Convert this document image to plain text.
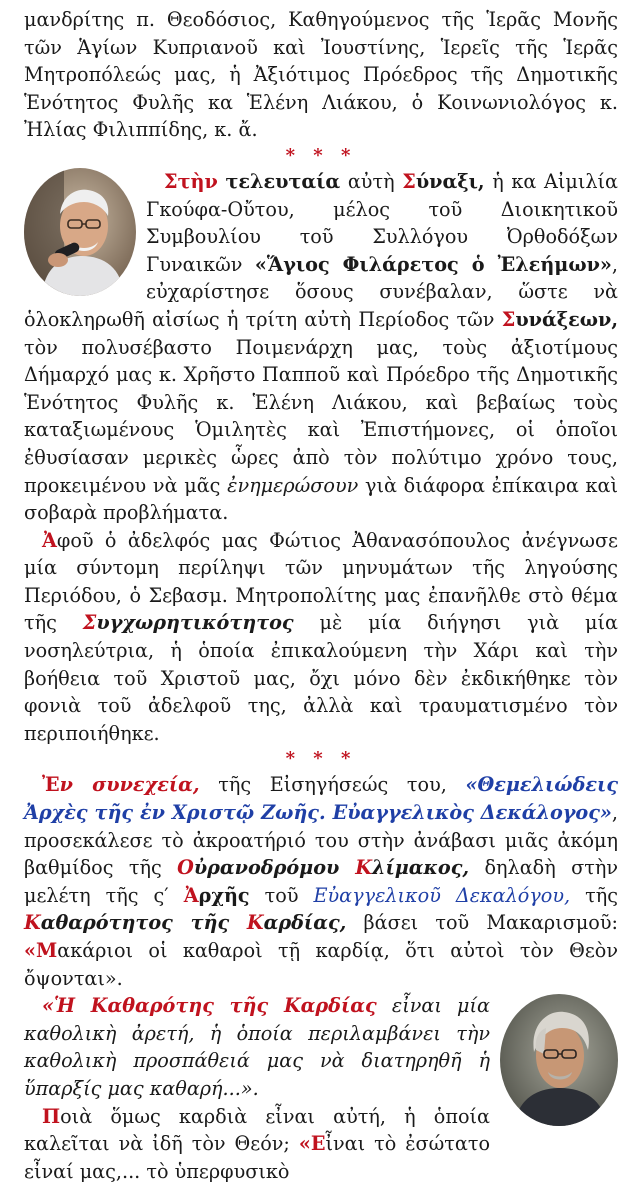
μανδρίτης π. Θεοδόσιος, Καθηγούμενος τῆς Ἱερᾶς Μονῆς τῶν Ἁγίων Κυπριανοῦ καὶ Ἰουστίνης, Ἱερεῖς τῆς Ἱερᾶς Μητροπόλεώς μας, ἡ Ἀξιότιμος Πρόεδρος τῆς Δημοτικῆς Ἑνότητος Φυλῆς κα Ἑλένη Λιάκου, ὁ Κοινωνιολόγος κ. Ἠλίας Φιλιππίδης, κ. ἄ.

* * *

Στὴν τελευταία αὐτὴ Σύναξι, ἡ κα Αἰμιλία Γκούφα-Οὔτου, μέλος τοῦ Διοικητικοῦ Συμβουλίου τοῦ Συλλόγου Ὀρθοδόξων Γυναικῶν «Ἅγιος Φιλάρετος ὁ Ἐλεήμων», εὐχαρίστησε ὅσους συνέβαλαν, ὥστε νὰ ὁλοκληρωθῆ αἰσίως ἡ τρίτη αὐτὴ Περίοδος τῶν Συνάξεων, τὸν πολυσέβαστο Ποιμενάρχη μας, τοὺς ἀξιοτίμους Δήμαρχό μας κ. Χρῆστο Παπποῦ καὶ Πρόεδρο τῆς Δημοτικῆς Ἑνότητος Φυλῆς κ. Ἑλένη Λιάκου, καὶ βεβαίως τοὺς καταξιωμένους Ὁμιλητὲς καὶ Ἐπιστήμονες, οἱ ὁποῖοι ἐθυσίασαν μερικὲς ὧρες ἀπὸ τὸν πολύτιμο χρόνο τους, προκειμένου νὰ μᾶς ἐνημερώσουν γιὰ διάφορα ἐπίκαιρα καὶ σοβαρὰ προβλήματα.

Ἀφοῦ ὁ ἀδελφός μας Φώτιος Ἀθανασόπουλος ἀνέγνωσε μία σύντομη περίληψι τῶν μηνυμάτων τῆς ληγούσης Περιόδου, ὁ Σεβασμ. Μητροπολίτης μας ἐπανῆλθε στὸ θέμα τῆς Συγχωρητικότητος μὲ μία διήγησι γιὰ μία νοσηλεύτρια, ἡ ὁποία ἐπικαλούμενη τὴν Χάρι καὶ τὴν βοήθεια τοῦ Χριστοῦ μας, ὄχι μόνο δὲν ἐκδικήθηκε τὸν φονιὰ τοῦ ἀδελφοῦ της, ἀλλὰ καὶ τραυματισμένο τὸν περιποιήθηκε.

* * *

Ἐν συνεχεία, τῆς Εἰσηγήσεώς του, «Θεμελιώδεις Ἀρχὲς τῆς ἐν Χριστῷ Ζωῆς. Εὐαγγελικὸς Δεκάλογος», προσεκάλεσε τὸ ἀκροατήριό του στὴν ἀνάβασι μιᾶς ἀκόμη βαθμίδος τῆς Οὐρανοδρόμου Κλίμακος, δηλαδὴ στὴν μελέτη τῆς ς′ Ἀρχῆς τοῦ Εὐαγγελικοῦ Δεκαλόγου, τῆς Καθαρότητος τῆς Καρδίας, βάσει τοῦ Μακαρισμοῦ: «Μακάριοι οἱ καθαροὶ τῇ καρδίᾳ, ὅτι αὐτοὶ τὸν Θεὸν ὄψονται».

«Ἡ Καθαρότης τῆς Καρδίας εἶναι μία καθολικὴ ἀρετή, ἡ ὁποία περιλαμβάνει τὴν καθολικὴ προσπάθειά μας νὰ διατηρηθῆ ἡ ὕπαρξίς μας καθαρή...».

Ποιὰ ὅμως καρδιὰ εἶναι αὐτή, ἡ ὁποία καλεῖται νὰ ἰδῆ τὸν Θεόν; «Εἶναι τὸ ἐσώτατο εἶναί μας,... τὸ ὑπερφυσικὸ
